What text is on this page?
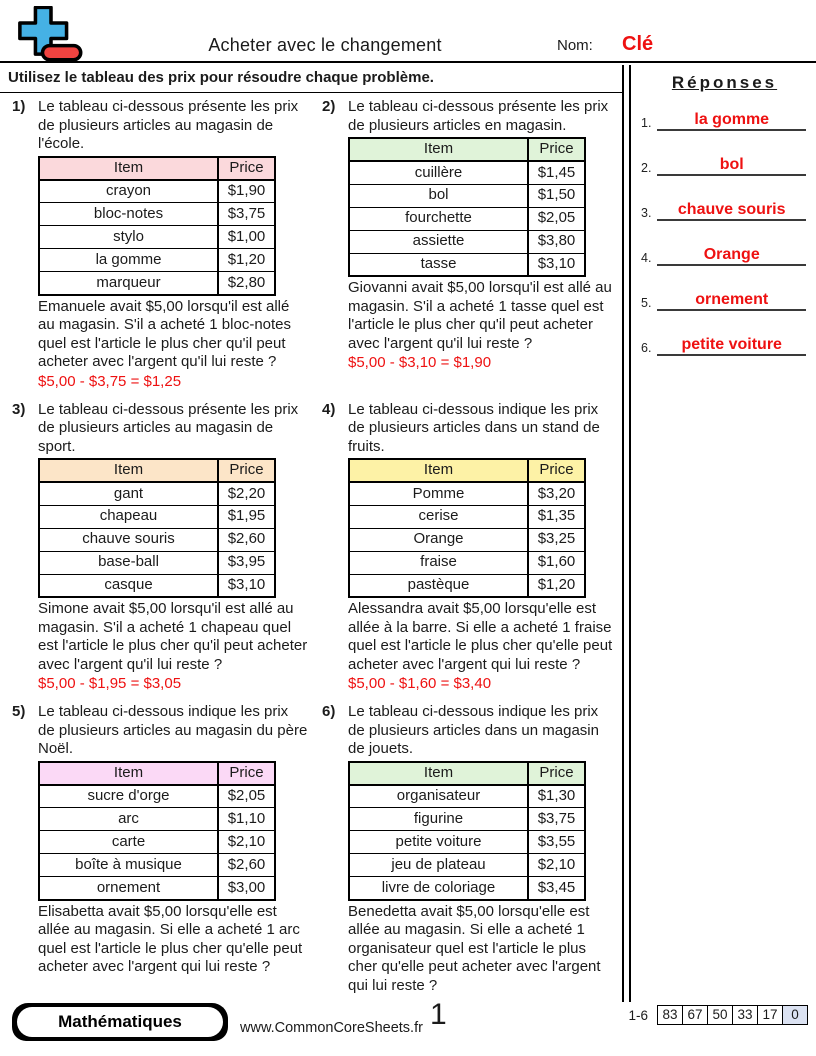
Acheter avec le changement	Nom: Clé
Utilisez le tableau des prix pour résoudre chaque problème.
1) Le tableau ci-dessous présente les prix de plusieurs articles au magasin de l'école.
Item	Price
crayon	$1,90
bloc-notes	$3,75
stylo	$1,00
la gomme	$1,20
marqueur	$2,80
Emanuele avait $5,00 lorsqu'il est allé au magasin. S'il a acheté 1 bloc-notes quel est l'article le plus cher qu'il peut acheter avec l'argent qu'il lui reste ?
$5,00 - $3,75 = $1,25
2) Le tableau ci-dessous présente les prix de plusieurs articles en magasin.
Item	Price
cuillère	$1,45
bol	$1,50
fourchette	$2,05
assiette	$3,80
tasse	$3,10
Giovanni avait $5,00 lorsqu'il est allé au magasin. S'il a acheté 1 tasse quel est l'article le plus cher qu'il peut acheter avec l'argent qu'il lui reste ?
$5,00 - $3,10 = $1,90
3) Le tableau ci-dessous présente les prix de plusieurs articles au magasin de sport.
Item	Price
gant	$2,20
chapeau	$1,95
chauve souris	$2,60
base-ball	$3,95
casque	$3,10
Simone avait $5,00 lorsqu'il est allé au magasin. S'il a acheté 1 chapeau quel est l'article le plus cher qu'il peut acheter avec l'argent qu'il lui reste ?
$5,00 - $1,95 = $3,05
4) Le tableau ci-dessous indique les prix de plusieurs articles dans un stand de fruits.
Item	Price
Pomme	$3,20
cerise	$1,35
Orange	$3,25
fraise	$1,60
pastèque	$1,20
Alessandra avait $5,00 lorsqu'elle est allée à la barre. Si elle a acheté 1 fraise quel est l'article le plus cher qu'elle peut acheter avec l'argent qui lui reste ?
$5,00 - $1,60 = $3,40
5) Le tableau ci-dessous indique les prix de plusieurs articles au magasin du père Noël.
Item	Price
sucre d'orge	$2,05
arc	$1,10
carte	$2,10
boîte à musique	$2,60
ornement	$3,00
Elisabetta avait $5,00 lorsqu'elle est allée au magasin. Si elle a acheté 1 arc quel est l'article le plus cher qu'elle peut acheter avec l'argent qui lui reste ?
6) Le tableau ci-dessous indique les prix de plusieurs articles dans un magasin de jouets.
Item	Price
organisateur	$1,30
figurine	$3,75
petite voiture	$3,55
jeu de plateau	$2,10
livre de coloriage	$3,45
Benedetta avait $5,00 lorsqu'elle est allée au magasin. Si elle a acheté 1 organisateur quel est l'article le plus cher qu'elle peut acheter avec l'argent qui lui reste ?
Réponses
1.	la gomme
2.	bol
3.	chauve souris
4.	Orange
5.	ornement
6.	petite voiture
Mathématiques	www.CommonCoreSheets.fr 1	1-6	83 67 50 33 17	0
